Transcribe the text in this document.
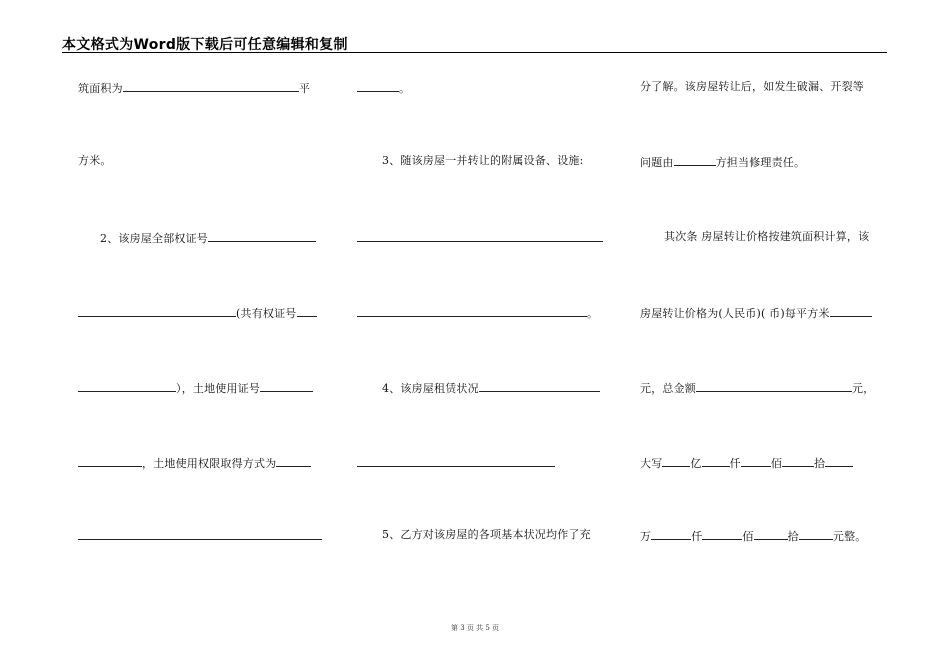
本文格式为Word版下载后可任意编辑和复制
筑面积为	平
方米。
2、该房屋全部权证号
(共有权证号
），土地使用证号
，土地使用权限取得方式为
。
3、随该房屋一并转让的附属设备、设施:
。
4、该房屋租赁状况
5、乙方对该房屋的各项基本状况均作了充
分了解。该房屋转让后，如发生破漏、开裂等
问题由	方担当修理责任。
其次条 房屋转让价格按建筑面积计算，该
房屋转让价格为(人民币)( 币)每平方米
元，总金额	元，
大写	亿	仟	佰	拾
万	仟	佰	拾	元整。
第 3 页 共 5 页
